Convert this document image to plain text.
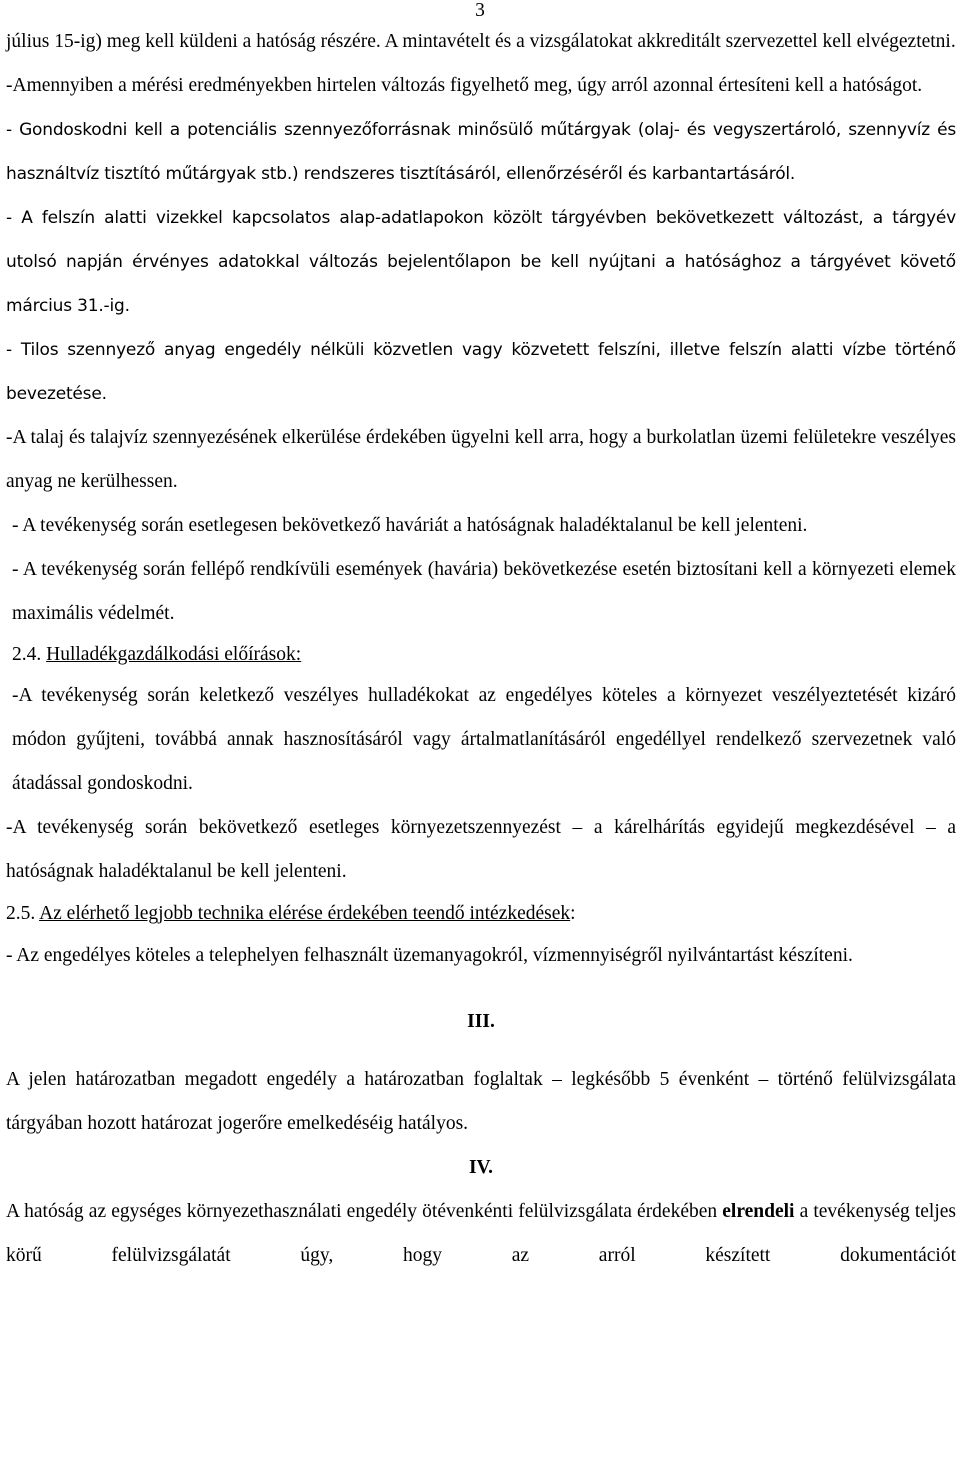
3

július 15-ig) meg kell küldeni a hatóság részére. A mintavételt és a vizsgálatokat akkreditált szervezettel kell elvégeztetni.

-Amennyiben a mérési eredményekben hirtelen változás figyelhető meg, úgy arról azonnal értesíteni kell a hatóságot.

- Gondoskodni kell a potenciális szennyezőforrásnak minősülő műtárgyak (olaj- és vegyszertároló, szennyvíz és használtvíz tisztító műtárgyak stb.) rendszeres tisztításáról, ellenőrzéséről és karbantartásáról.

- A felszín alatti vizekkel kapcsolatos alap-adatlapokon közölt tárgyévben bekövetkezett változást, a tárgyév utolsó napján érvényes adatokkal változás bejelentőlapon be kell nyújtani a hatósághoz a tárgyévet követő március 31.-ig.

- Tilos szennyező anyag engedély nélküli közvetlen vagy közvetett felszíni, illetve felszín alatti vízbe történő bevezetése.

-A talaj és talajvíz szennyezésének elkerülése érdekében ügyelni kell arra, hogy a burkolatlan üzemi felületekre veszélyes anyag ne kerülhessen.

- A tevékenység során esetlegesen bekövetkező haváriát a hatóságnak haladéktalanul be kell jelenteni.

- A tevékenység során fellépő rendkívüli események (havária) bekövetkezése esetén biztosítani kell a környezeti elemek maximális védelmét.

2.4. Hulladékgazdálkodási előírások:

-A tevékenység során keletkező veszélyes hulladékokat az engedélyes köteles a környezet veszélyeztetését kizáró módon gyűjteni, továbbá annak hasznosításáról vagy ártalmatlanításáról engedéllyel rendelkező szervezetnek való átadással gondoskodni.

-A tevékenység során bekövetkező esetleges környezetszennyezést – a kárelhárítás egyidejű megkezdésével – a hatóságnak haladéktalanul be kell jelenteni.

2.5. Az elérhető legjobb technika elérése érdekében teendő intézkedések:

- Az engedélyes köteles a telephelyen felhasznált üzemanyagokról, vízmennyiségről nyilvántartást készíteni.

III.

A jelen határozatban megadott engedély a határozatban foglaltak – legkésőbb 5 évenként – történő felülvizsgálata tárgyában hozott határozat jogerőre emelkedéséig hatályos.

IV.

A hatóság az egységes környezethasználati engedély ötévenkénti felülvizsgálata érdekében elrendeli a tevékenység teljes körű felülvizsgálatát úgy, hogy az arról készített dokumentációt
